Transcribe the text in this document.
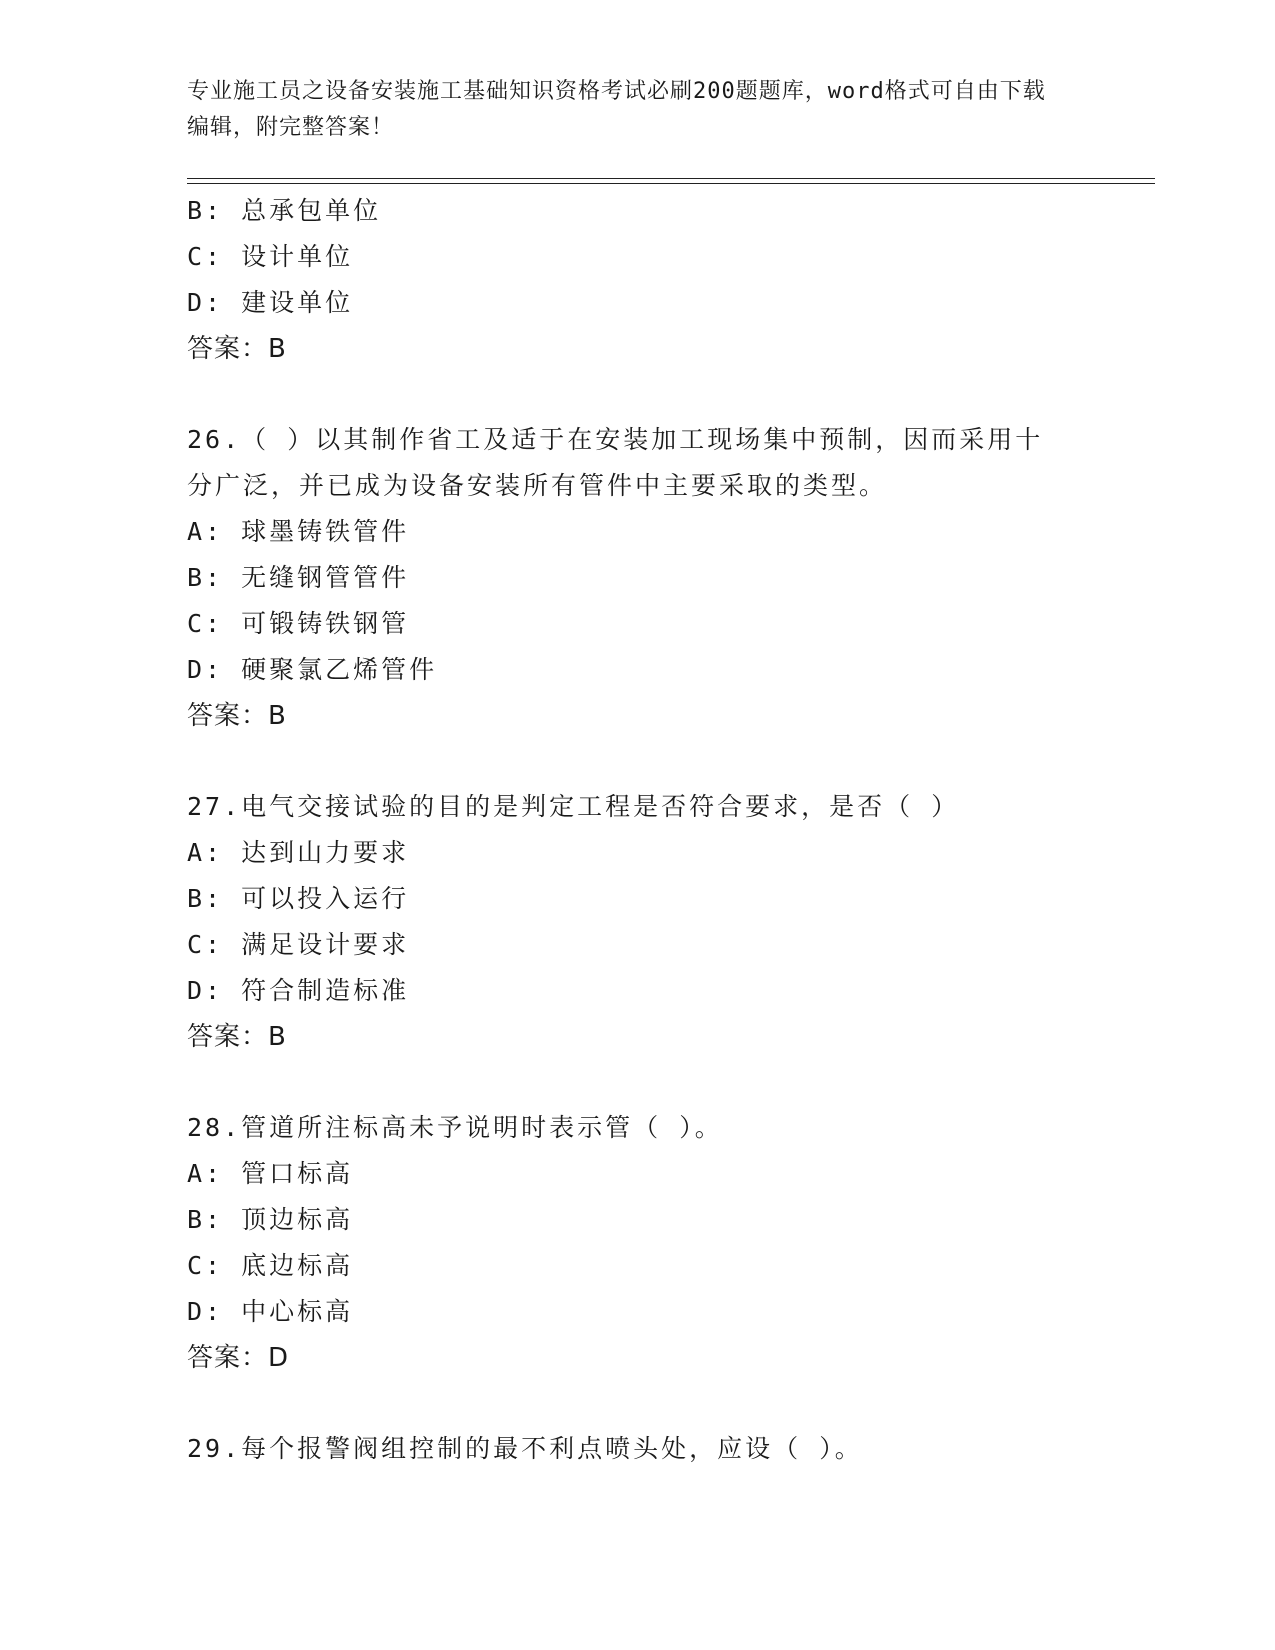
专业施工员之设备安装施工基础知识资格考试必刷200题题库，word格式可自由下载编辑，附完整答案！
B: 总承包单位
C: 设计单位
D: 建设单位
答案：B
26.（ ）以其制作省工及适于在安装加工现场集中预制，因而采用十分广泛，并已成为设备安装所有管件中主要采取的类型。
A: 球墨铸铁管件
B: 无缝钢管管件
C: 可锻铸铁钢管
D: 硬聚氯乙烯管件
答案：B
27.电气交接试验的目的是判定工程是否符合要求，是否（ ）
A: 达到山力要求
B: 可以投入运行
C: 满足设计要求
D: 符合制造标准
答案：B
28.管道所注标高未予说明时表示管（ ）。
A: 管口标高
B: 顶边标高
C: 底边标高
D: 中心标高
答案：D
29.每个报警阀组控制的最不利点喷头处，应设（ ）。
